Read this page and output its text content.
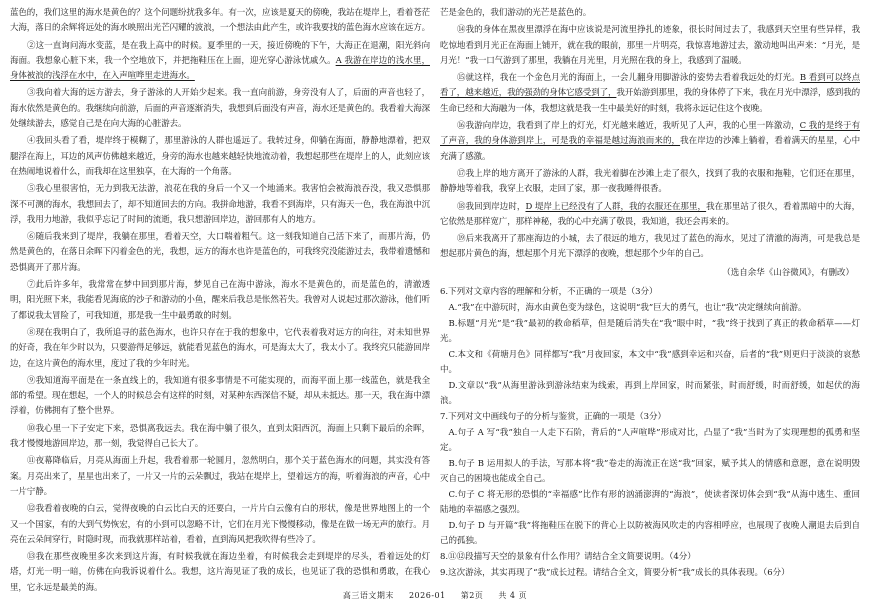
蓝色的，我们这里的海水是黄色的？这个问题纷扰我多年。有一次，应该是夏天的傍晚，我站在堤岸上，看着苍茫大海，落日的余辉将远处的海水映照出光芒闪耀的波浪，一个想法由此产生，或许我要找的蓝色海水应该在远方。

②这一直询问海水变蓝，是在我上高中的时候。夏季里的一天，接近傍晚的下午，大海正在退潮，阳光斜向海面。我想象心脏下来，我一个空地放下，并把拖鞋压在上面，迎光穿心游泳忧戚久。A 我游在岸边的浅水里，身体被浪的浅浮在水中，在入声喧哗里走进海水。

③我向着大海的远方游去，身子游泳的人开始少起来。我一直向前游，身旁没有人了，后面的声音也轻了，海水依然是黄色的。我继续向前游，后面的声音逐渐消失，我想到后面没有声音，海水还是黄色的。我看着大海深处继续游去，感觉自己是在向大海的心脏游去。

④我回头看了看，堤岸终于模糊了，那里游泳的人群也遥远了。我转过身，仰躺在海面，静静地漂着，把双腿浮在海上，耳边的风声仿佛越来越近，身旁的海水也越来越轻快地流动着，我想起那些在堤岸上的人，此刻应该在热闹地说着什么，而我却在这里独享，在大海的一个角落。

⑤我心里很害怕，无力到我无法游，浪花在我的身后一个又一个地涌来。我害怕会被海浪吞没，我又恐惧那深不可测的海水，我想回去了，却不知道回去的方向。我拼命地游，我看不到海岸，只有海天一色，我在海浪中沉浮，我用力地游，我似乎忘记了时间的流逝，我只想游回岸边，游回那有人的地方。

⑥随后我来到了堤岸，我躺在那里，看着天空，大口喘着粗气。这一刻我知道自己活下来了，而那片海，仍然是黄色的，在落日余晖下闪着金色的光，我想，远方的海水也许是蓝色的，可我终究没能游过去，我带着遗憾和恐惧离开了那片海。

⑦此后许多年，我常常在梦中回到那片海，梦见自己在海中游泳，海水不是黄色的，而是蓝色的，清澈透明，阳光照下来，我能看见海底的沙子和游动的小鱼，醒来后我总是怅然若失。我曾对人说起过那次游泳，他们听了都说我太冒险了，可我知道，那是我一生中最勇敢的时刻。

⑧现在我明白了，我所追寻的蓝色海水，也许只存在于我的想象中，它代表着我对远方的向往，对未知世界的好奇，我在年少时以为，只要游得足够远，就能看见蓝色的海水，可是海太大了，我太小了。我终究只能游回岸边，在这片黄色的海水里，度过了我的少年时光。

⑨我知道海平面是在一条直线上的，我知道有很多事情是不可能实现的，而海平面上那一线蓝色，就是我全部的希望。现在想起，一个人的时候总会有这样的时刻，对某种东西深信不疑，却从未抵达。那一天，我在海中漂浮着，仿佛拥有了整个世界。

⑩我心里一下子安定下来，恐惧离我远去。我在海中躺了很久，直到太阳西沉，海面上只剩下最后的余晖，我才慢慢地游回岸边，那一刻，我觉得自己长大了。

⑪夜幕降临后，月亮从海面上升起，我看着那一轮圆月，忽然明白，那个关于蓝色海水的问题，其实没有答案。月亮出来了，星星也出来了，一片又一片的云朵飘过，我站在堤岸上，望着远方的海，听着海浪的声音，心中一片宁静。

⑫我看着夜晚的白云，觉得夜晚的白云比白天的还要白，一片片白云像有白的形状，像是世界地图上的一个又一个国家，有的大到气势恢宏，有的小到可以忽略不计，它们在月光下慢慢移动，像是在做一场无声的旅行。月亮在云朵间穿行，时隐时现，而我就那样站着，看着，直到海风把我吹得有些冷了。

⑬我在那些夜晚里多次来到这片海，有时候我就在海边坐着，有时候我会走到堤岸的尽头，看着远处的灯塔，灯光一明一暗，仿佛在向我诉说着什么。我想，这片海见证了我的成长，也见证了我的恐惧和勇敢，在我心里，它永远是最美的海。

芒是金色的，我们游动的光芒是蓝色的。

⑭我的身体在黑夜里漂浮在海中应该说是河流里挣扎的迹象，很长时间过去了，我感到天空里有些异样，我吃惊地看到月光正在海面上铺开，就在我的眼前，那里一片明亮，我惊喜地游过去，激动地叫出声来：“月光，是月光！”我一口气游到了那里，我躺在月光里，月光照在我的身上，我感到了温暖。

⑮就这样，我在一个金色月光的海面上，一会儿翻身用脚游泳的姿势去看着我远处的灯光。B 看到可以终点看了，越来越近，我的强劲的身体它感受到了，我开始游到那里，我的身体停了下来，我在月光中漂浮，感到我的生命已经和大海融为一体，我想这就是我一生中最美好的时刻，我将永远记住这个夜晚。

⑯我游向岸边，我看到了岸上的灯光，灯光越来越近，我听见了人声，我的心里一阵激动，C 我的是终于有了声音，我的身体游到岸上，可是我的幸福是越过海浪而来的，我在岸边的沙滩上躺着，看着满天的星星，心中充满了感激。

⑰我上岸的地方离开了游泳的人群，我光着脚在沙滩上走了很久，找到了我的衣服和拖鞋，它们还在那里，静静地等着我，我穿上衣服，走回了家，那一夜我睡得很香。

⑱我回到岸边时，D 堤岸上已经没有了人群，我的衣服还在那里，我在那里站了很久，看着黑暗中的大海，它依然是那样宽广，那样神秘，我的心中充满了敬畏，我知道，我还会再来的。

⑲后来我离开了那座海边的小城，去了很远的地方，我见过了蓝色的海水，见过了清澈的海湾，可是我总是想起那片黄色的海，想起那个月光下漂浮的夜晚，想起那个少年的自己。

（选自余华《山谷微风》，有删改）

6.下列对文章内容的理解和分析，不正确的一项是（3分）

A.“我”在中游玩时，海水由黄色变为绿色，这说明“我”巨大的勇气，也让“我”决定继续向前游。

B.标题“月光”是“我”最初的救命稻草，但是随后消失在“我”眼中时，“我”终于找到了真正的救命稻草——灯光。

C.本文和《荷塘月色》同样都写“我”月夜回家，本文中“我”感到幸运和兴奋，后者的“我”则更归于淡淡的哀愁中。

D.文章以“我”从海里游泳到游泳结束为线索，再到上岸回家，时而紧张，时而舒缓，时而舒缓，如起伏的海浪。

7.下列对文中画线句子的分析与鉴赏，正确的一项是（3分）

A.句子 A 写“我”独自一人走下石阶，背后的“人声喧哗”形成对比，凸显了“我”当时为了实现理想的孤勇和坚定。

B.句子 B 运用拟人的手法，写那本将“我”卷走的海流正在送“我”回家，赋予其人的情感和意愿，意在说明毁灭自己的困境也能成全自己。

C.句子 C 将无形的恐惧的“幸福感”比作有形的汹涌澎湃的“海浪”，使读者深切体会到“我”从海中逃生、重回陆地的幸福感之强烈。

D.句子 D 与开篇“我”将拖鞋压在脱下的背心上以防被海风吹走的内容相呼应，也展现了夜晚人潮退去后到自己的孤独。

8.⑪⑫段描写天空的景象有什么作用？请结合全文简要说明。（4分）

9.这次游泳，其实再现了“我”成长过程。请结合全文，简要分析“我”成长的具体表现。（6分）

高三语文期末 2026-01 第2页 共 4 页
